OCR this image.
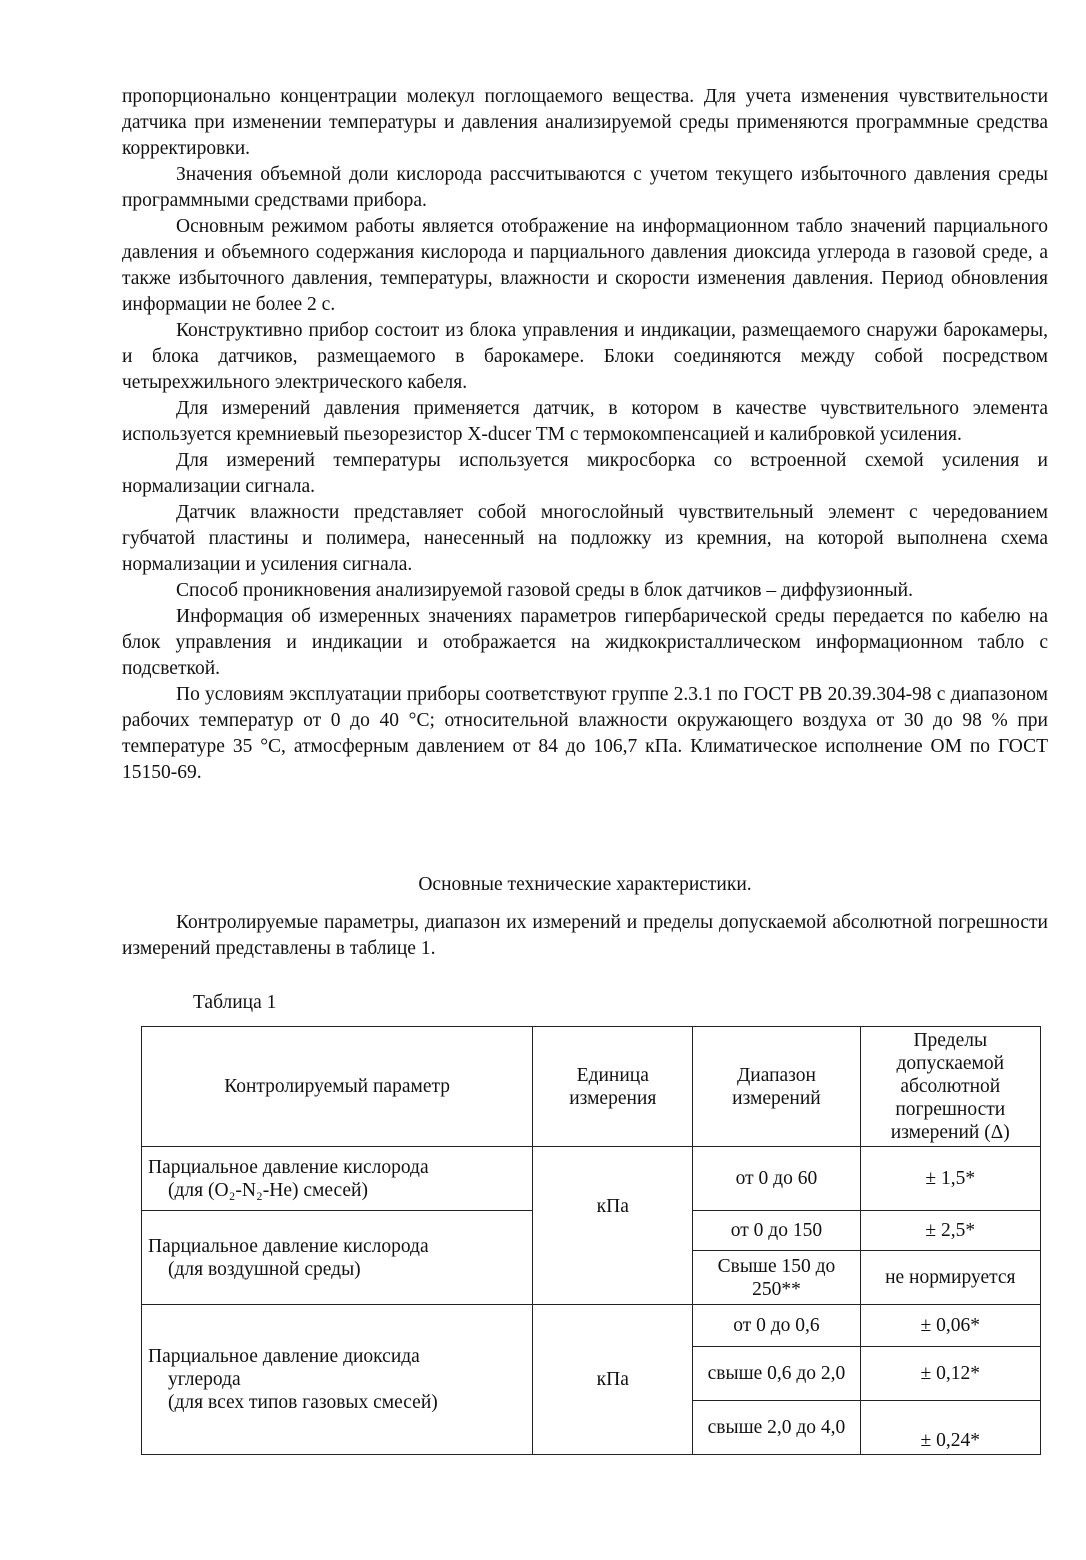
пропорционально концентрации молекул поглощаемого вещества. Для учета изменения чувствительности датчика при изменении температуры и давления анализируемой среды применяются программные средства корректировки.

Значения объемной доли кислорода рассчитываются с учетом текущего избыточного давления среды программными средствами прибора.

Основным режимом работы является отображение на информационном табло значений парциального давления и объемного содержания кислорода и парциального давления диоксида углерода в газовой среде, а также избыточного давления, температуры, влажности и скорости изменения давления. Период обновления информации не более 2 с.

Конструктивно прибор состоит из блока управления и индикации, размещаемого снаружи барокамеры, и блока датчиков, размещаемого в барокамере. Блоки соединяются между собой посредством четырехжильного электрического кабеля.

Для измерений давления применяется датчик, в котором в качестве чувствительного элемента используется кремниевый пьезорезистор X-ducer TM с термокомпенсацией и калибровкой усиления.

Для измерений температуры используется микросборка со встроенной схемой усиления и нормализации сигнала.

Датчик влажности представляет собой многослойный чувствительный элемент с чередованием губчатой пластины и полимера, нанесенный на подложку из кремния, на которой выполнена схема нормализации и усиления сигнала.

Способ проникновения анализируемой газовой среды в блок датчиков – диффузионный.

Информация об измеренных значениях параметров гипербарической среды передается по кабелю на блок управления и индикации и отображается на жидкокристаллическом информационном табло с подсветкой.

По условиям эксплуатации приборы соответствуют группе 2.3.1 по ГОСТ РВ 20.39.304-98 с диапазоном рабочих температур от 0 до 40 °С; относительной влажности окружающего воздуха от 30 до 98 % при температуре 35 °С, атмосферным давлением от 84 до 106,7 кПа. Климатическое исполнение ОМ по ГОСТ 15150-69.

Основные технические характеристики.
Контролируемые параметры, диапазон их измерений и пределы допускаемой абсолютной погрешности измерений представлены в таблице 1.
Таблица 1
Контролируемый параметр	Единица измерения	Диапазон измерений	Пределы допускаемой абсолютной погрешности измерений (Δ)
Парциальное давление кислорода

(для (O₂-N₂-He) смесей)	кПа	от 0 до 60	± 1,5*
Парциальное давление кислорода

(для воздушной среды)		от 0 до 150	± 2,5*
		Свыше 150 до 250**	не нормируется
Парциальное давление диоксида

углерода
(для всех типов газовых смесей)	кПа	от 0 до 0,6	± 0,06*
		свыше 0,6 до 2,0	± 0,12*
		свыше 2,0 до 4,0	± 0,24*
